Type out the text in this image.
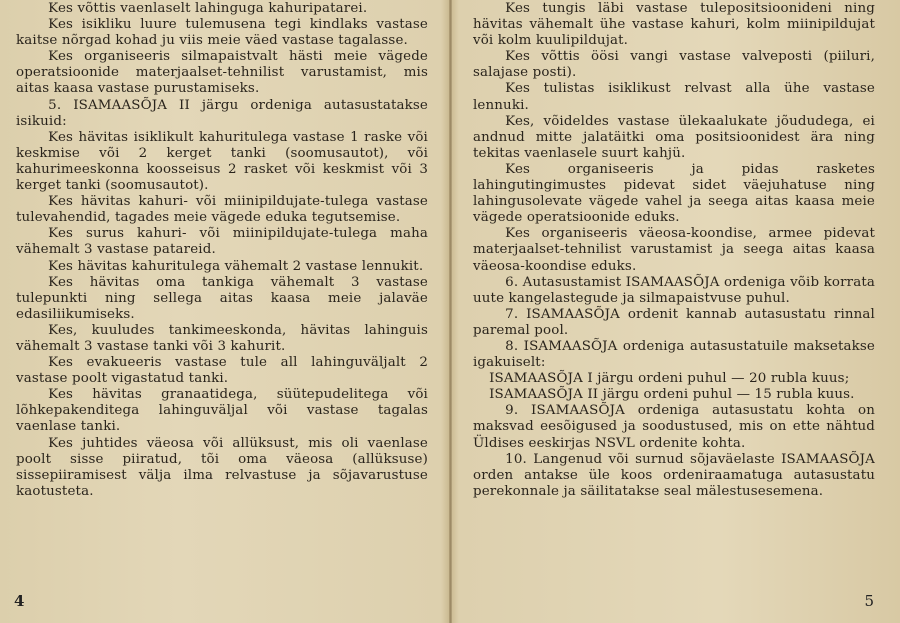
Kes võttis vaenlaselt lahinguga kahuripatarei.

Kes isikliku luure tulemusena tegi kindlaks vastase kaitse nõrgad kohad ju viis meie väed vastase tagalasse.

Kes organiseeris silmapaistvalt hästi meie vägede operatsioonide materjaalset-tehnilist varustamist, mis aitas kaasa vastase purustamiseks.

5. ISAMAASÕJA II järgu ordeniga autasustatakse isikuid:

Kes hävitas isiklikult kahuritulega vastase 1 raske või keskmise või 2 kerget tanki (soomusautot), või kahurimeeskonna koosseisus 2 rasket või keskmist või 3 kerget tanki (soomusautot).

Kes hävitas kahuri- või miinipildujate-tulega vastase tulevahendid, tagades meie vägede eduka tegutsemise.

Kes surus kahuri- või miinipildujate-tulega maha vähemalt 3 vastase patareid.

Kes hävitas kahuritulega vähemalt 2 vastase lennukit.

Kes hävitas oma tankiga vähemalt 3 vastase tulepunkti ning sellega aitas kaasa meie jalaväe edasiliikumiseks.

Kes, kuuludes tankimeeskonda, hävitas lahinguis vähemalt 3 vastase tanki või 3 kahurit.

Kes evakueeris vastase tule all lahinguväljalt 2 vastase poolt vigastatud tanki.

Kes hävitas granaatidega, süütepudelitega või lõhkepakenditega lahinguväljal või vastase tagalas vaenlase tanki.

Kes juhtides väeosa või allüksust, mis oli vaenlase poolt sisse piiratud, tõi oma väeosa (allüksuse) sissepiiramisest välja ilma relvastuse ja sõjavarustuse kaotusteta.

4

Kes tungis läbi vastase tulepositsioonideni ning hävitas vähemalt ühe vastase kahuri, kolm miinipildujat või kolm kuulipildujat.

Kes võttis öösi vangi vastase valveposti (piiluri, salajase posti).

Kes tulistas isiklikust relvast alla ühe vastase lennuki.

Kes, võideldes vastase ülekaalukate jõududega, ei andnud mitte jalatäitki oma positsioonidest ära ning tekitas vaenlasele suurt kahjü.

Kes organiseeris ja pidas rasketes lahingutingimustes pidevat sidet väejuhatuse ning lahingusolevate vägede vahel ja seega aitas kaasa meie vägede operatsioonide eduks.

Kes organiseeris väeosa-koondise, armee pidevat materjaalset-tehnilist varustamist ja seega aitas kaasa väeosa-koondise eduks.

6. Autasustamist ISAMAASÕJA ordeniga võib korrata uute kangelastegude ja silmapaistvuse puhul.

7. ISAMAASÕJA ordenit kannab autasustatu rinnal paremal pool.

8. ISAMAASÕJA ordeniga autasustatuile maksetakse igakuiselt:

ISAMAASÕJA I järgu ordeni puhul — 20 rubla kuus;

ISAMAASÕJA II järgu ordeni puhul — 15 rubla kuus.

9. ISAMAASÕJA ordeniga autasustatu kohta on maksvad eesõigused ja soodustused, mis on ette nähtud Üldises eeskirjas NSVL ordenite kohta.

10. Langenud või surnud sõjaväelaste ISAMAASÕJA orden antakse üle koos ordeniraamatuga autasustatu perekonnale ja säilitatakse seal mälestusesemena.

5
